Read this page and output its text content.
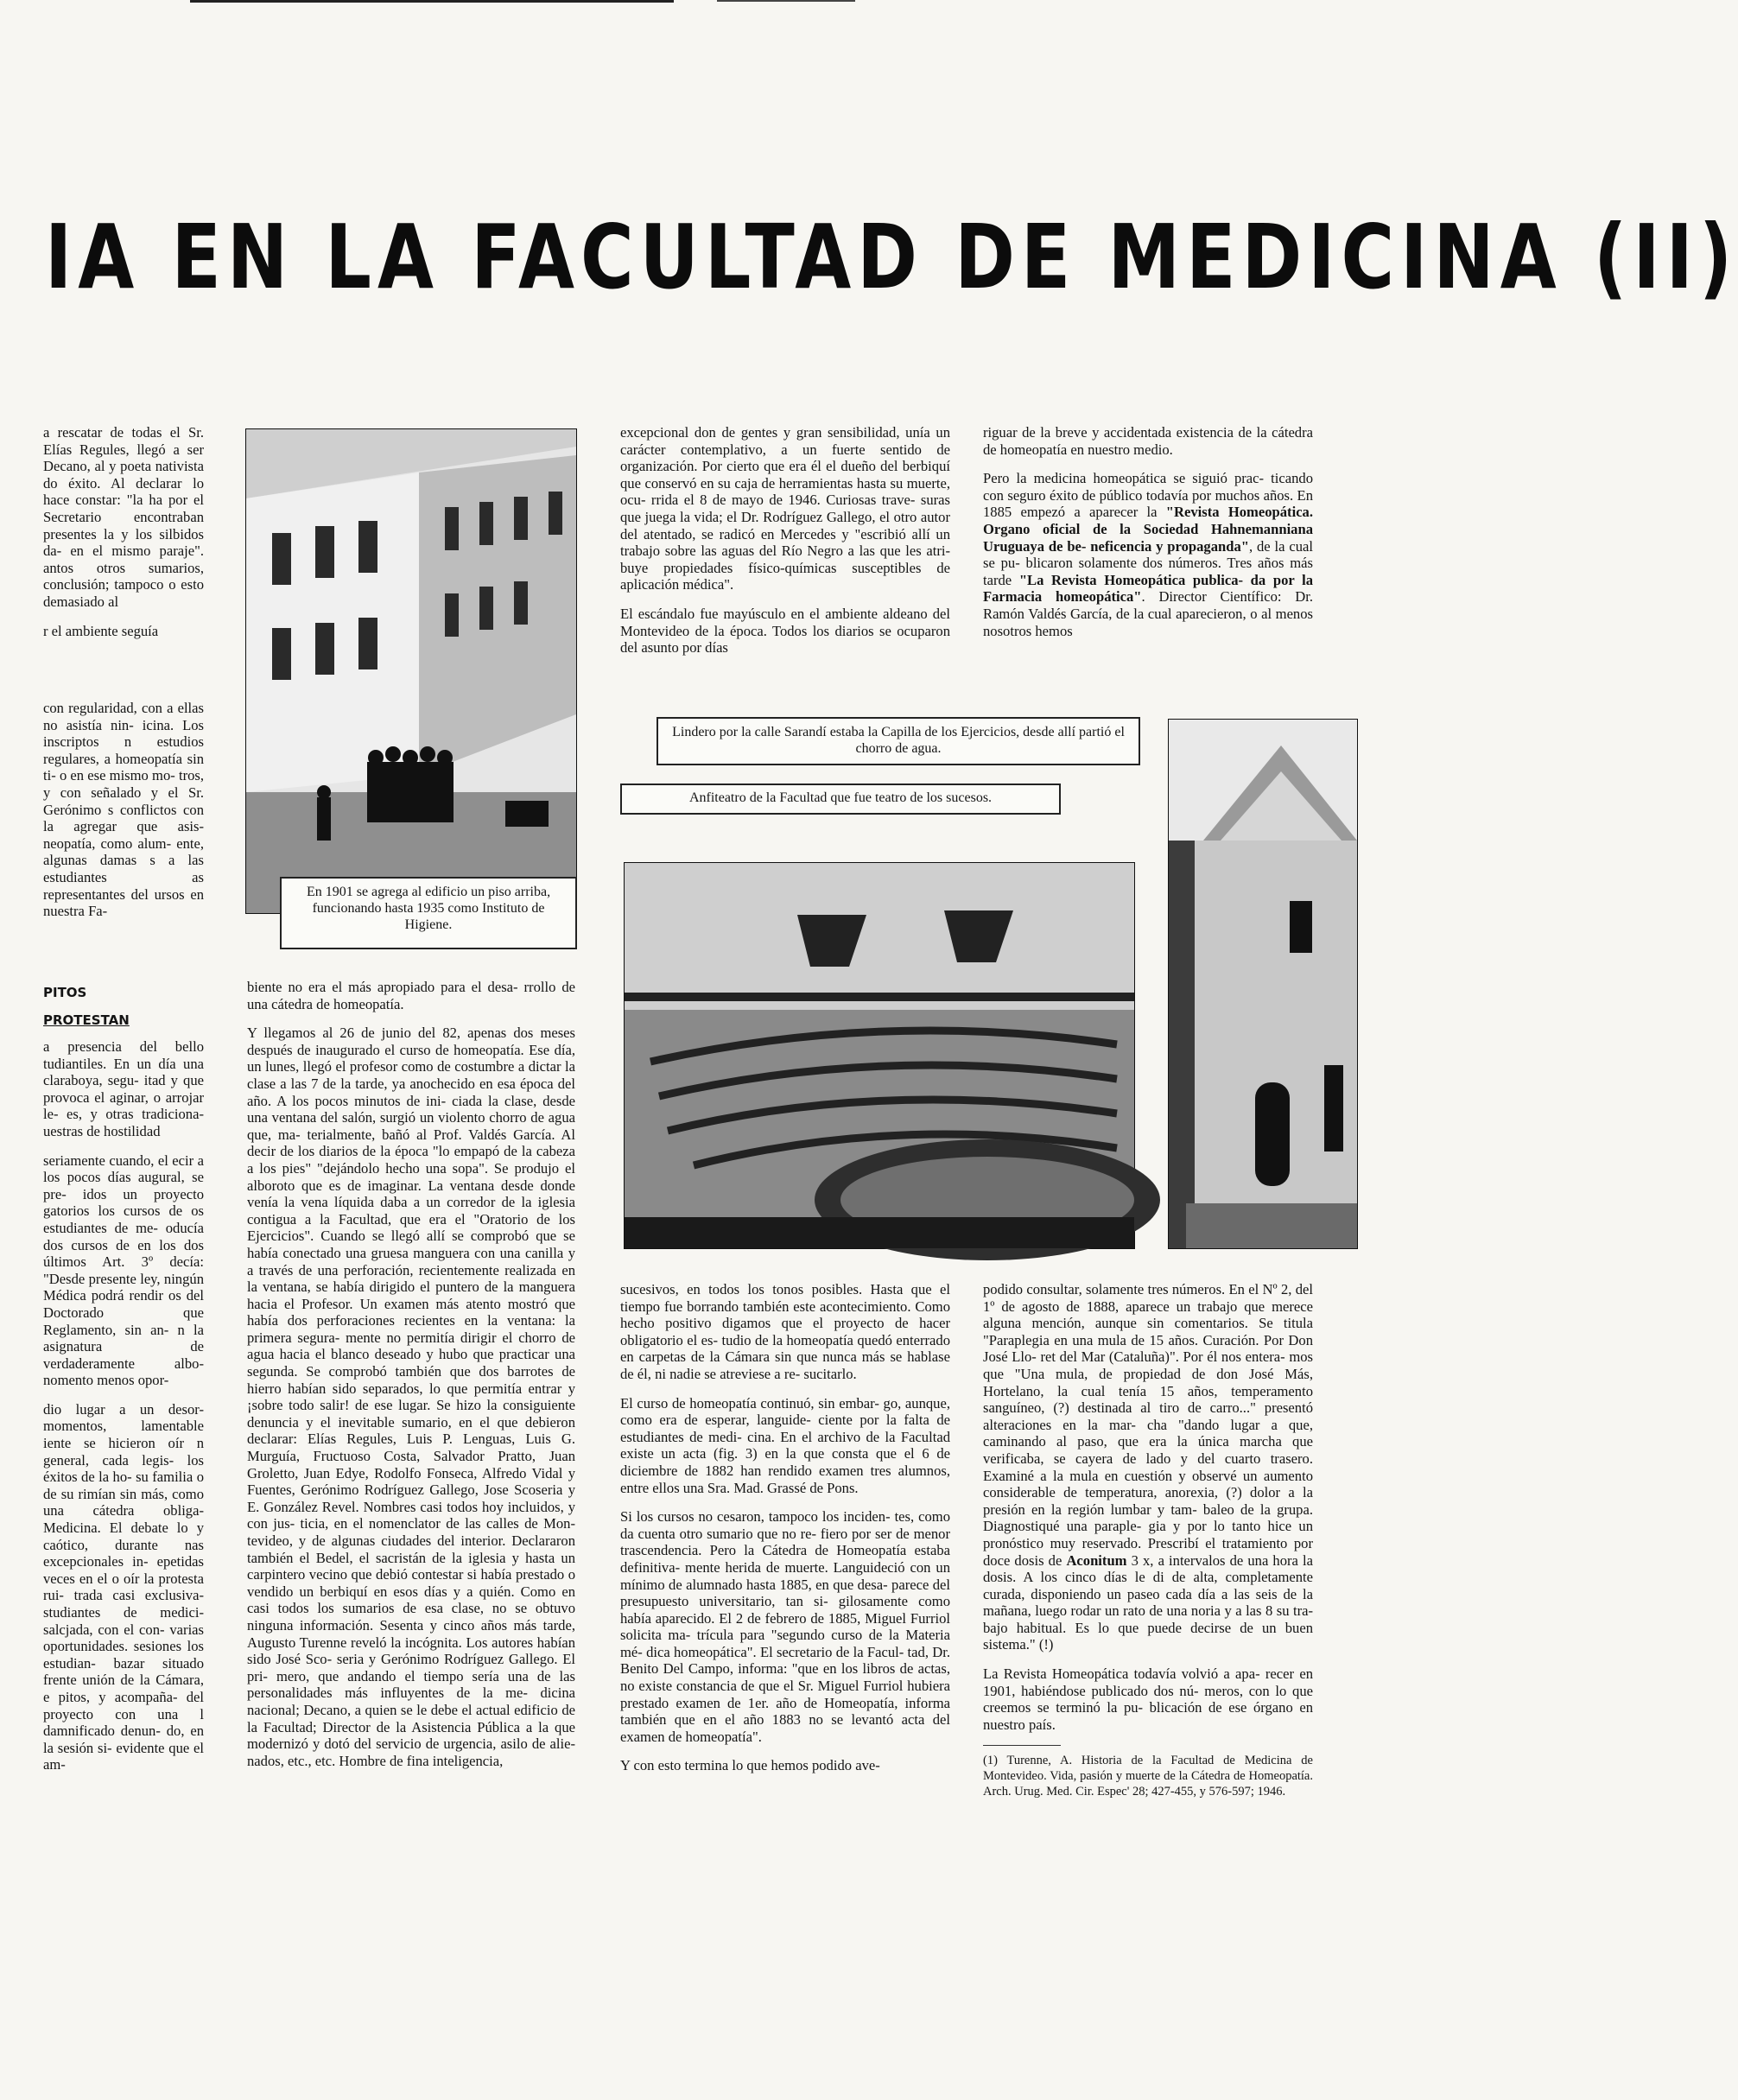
IA EN LA FACULTAD DE MEDICINA (II)

a rescatar de todas el Sr. Elías Regules, llegó a ser Decano, al y poeta nativista do éxito. Al declarar lo hace constar: "la ha por el Secretario encontraban presentes la y los silbidos da- en el mismo paraje". antos otros sumarios, conclusión; tampoco o esto demasiado al

r el ambiente seguía

con regularidad, con a ellas no asistía nin- icina. Los inscriptos n estudios regulares, a homeopatía sin ti- o en ese mismo mo- tros, y con señalado y el Sr. Gerónimo s conflictos con la agregar que asis- neopatía, como alum- ente, algunas damas s a las estudiantes as representantes del ursos en nuestra Fa-

PITOS

PROTESTAN

a presencia del bello tudiantiles. En un día una claraboya, segu- itad y que provoca el aginar, o arrojar le- es, y otras tradiciona- uestras de hostilidad

seriamente cuando, el ecir a los pocos días augural, se pre- idos un proyecto gatorios los cursos de os estudiantes de me- oducía dos cursos de en los dos últimos Art. 3º decía: "Desde presente ley, ningún Médica podrá rendir os del Doctorado que Reglamento, sin an- n la asignatura de verdaderamente albo- nomento menos opor-

dio lugar a un desor- momentos, lamentable iente se hicieron oír n general, cada legis- los éxitos de la ho- su familia o de su rimían sin más, como una cátedra obliga- Medicina. El debate lo y caótico, durante nas excepcionales in- epetidas veces en el o oír la protesta rui- trada casi exclusiva- studiantes de medici- salcjada, con el con- varias oportunidades. sesiones los estudian- bazar situado frente unión de la Cámara, e pitos, y acompaña- del proyecto con una l damnificado denun- do, en la sesión si- evidente que el am-

En 1901 se agrega al edificio un piso arriba, funcionando hasta 1935 como Instituto de Higiene.

biente no era el más apropiado para el desa- rrollo de una cátedra de homeopatía.

Y llegamos al 26 de junio del 82, apenas dos meses después de inaugurado el curso de homeopatía. Ese día, un lunes, llegó el profesor como de costumbre a dictar la clase a las 7 de la tarde, ya anochecido en esa época del año. A los pocos minutos de ini- ciada la clase, desde una ventana del salón, surgió un violento chorro de agua que, ma- terialmente, bañó al Prof. Valdés García. Al decir de los diarios de la época "lo empapó de la cabeza a los pies" "dejándolo hecho una sopa". Se produjo el alboroto que es de imaginar. La ventana desde donde venía la vena líquida daba a un corredor de la iglesia contigua a la Facultad, que era el "Oratorio de los Ejercicios". Cuando se llegó allí se comprobó que se había conectado una gruesa manguera con una canilla y a través de una perforación, recientemente realizada en la ventana, se había dirigido el puntero de la manguera hacia el Profesor. Un examen más atento mostró que había dos perforaciones recientes en la ventana: la primera segura- mente no permitía dirigir el chorro de agua hacia el blanco deseado y hubo que practicar una segunda. Se comprobó también que dos barrotes de hierro habían sido separados, lo que permitía entrar y ¡sobre todo salir! de ese lugar. Se hizo la consiguiente denuncia y el inevitable sumario, en el que debieron declarar: Elías Regules, Luis P. Lenguas, Luis G. Murguía, Fructuoso Costa, Salvador Pratto, Juan Groletto, Juan Edye, Rodolfo Fonseca, Alfredo Vidal y Fuentes, Gerónimo Rodríguez Gallego, Jose Scoseria y E. González Revel. Nombres casi todos hoy incluidos, y con jus- ticia, en el nomenclator de las calles de Mon- tevideo, y de algunas ciudades del interior. Declararon también el Bedel, el sacristán de la iglesia y hasta un carpintero vecino que debió contestar si había prestado o vendido un berbiquí en esos días y a quién. Como en casi todos los sumarios de esa clase, no se obtuvo ninguna información. Sesenta y cinco años más tarde, Augusto Turenne reveló la incógnita. Los autores habían sido José Sco- seria y Gerónimo Rodríguez Gallego. El pri- mero, que andando el tiempo sería una de las personalidades más influyentes de la me- dicina nacional; Decano, a quien se le debe el actual edificio de la Facultad; Director de la Asistencia Pública a la que modernizó y dotó del servicio de urgencia, asilo de alie- nados, etc., etc. Hombre de fina inteligencia,

excepcional don de gentes y gran sensibilidad, unía un carácter contemplativo, a un fuerte sentido de organización. Por cierto que era él el dueño del berbiquí que conservó en su caja de herramientas hasta su muerte, ocu- rrida el 8 de mayo de 1946. Curiosas trave- suras que juega la vida; el Dr. Rodríguez Gallego, el otro autor del atentado, se radicó en Mercedes y "escribió allí un trabajo sobre las aguas del Río Negro a las que les atri- buye propiedades físico-químicas susceptibles de aplicación médica".

El escándalo fue mayúsculo en el ambiente aldeano del Montevideo de la época. Todos los diarios se ocuparon del asunto por días

riguar de la breve y accidentada existencia de la cátedra de homeopatía en nuestro medio.

Pero la medicina homeopática se siguió prac- ticando con seguro éxito de público todavía por muchos años. En 1885 empezó a aparecer la "Revista Homeopática. Organo oficial de la Sociedad Hahnemanniana Uruguaya de be- neficencia y propaganda", de la cual se pu- blicaron solamente dos números. Tres años más tarde "La Revista Homeopática publica- da por la Farmacia homeopática". Director Científico: Dr. Ramón Valdés García, de la cual aparecieron, o al menos nosotros hemos

Lindero por la calle Sarandí estaba la Capilla de los Ejercicios, desde allí partió el chorro de agua.
Anfiteatro de la Facultad que fue teatro de los sucesos.

sucesivos, en todos los tonos posibles. Hasta que el tiempo fue borrando también este acontecimiento. Como hecho positivo digamos que el proyecto de hacer obligatorio el es- tudio de la homeopatía quedó enterrado en carpetas de la Cámara sin que nunca más se hablase de él, ni nadie se atreviese a re- sucitarlo.

El curso de homeopatía continuó, sin embar- go, aunque, como era de esperar, languide- ciente por la falta de estudiantes de medi- cina. En el archivo de la Facultad existe un acta (fig. 3) en la que consta que el 6 de diciembre de 1882 han rendido examen tres alumnos, entre ellos una Sra. Mad. Grassé de Pons.

Si los cursos no cesaron, tampoco los inciden- tes, como da cuenta otro sumario que no re- fiero por ser de menor trascendencia. Pero la Cátedra de Homeopatía estaba definitiva- mente herida de muerte. Languideció con un mínimo de alumnado hasta 1885, en que desa- parece del presupuesto universitario, tan si- gilosamente como había aparecido. El 2 de febrero de 1885, Miguel Furriol solicita ma- trícula para "segundo curso de la Materia mé- dica homeopática". El secretario de la Facul- tad, Dr. Benito Del Campo, informa: "que en los libros de actas, no existe constancia de que el Sr. Miguel Furriol hubiera prestado examen de 1er. año de Homeopatía, informa también que en el año 1883 no se levantó acta del examen de homeopatía".

Y con esto termina lo que hemos podido ave-

podido consultar, solamente tres números. En el Nº 2, del 1º de agosto de 1888, aparece un trabajo que merece alguna mención, aunque sin comentarios. Se titula "Paraplegia en una mula de 15 años. Curación. Por Don José Llo- ret del Mar (Cataluña)". Por él nos entera- mos que "Una mula, de propiedad de don José Más, Hortelano, la cual tenía 15 años, temperamento sanguíneo, (?) destinada al tiro de carro..." presentó alteraciones en la mar- cha "dando lugar a que, caminando al paso, que era la única marcha que verificaba, se cayera de lado y del cuarto trasero. Examiné a la mula en cuestión y observé un aumento considerable de temperatura, anorexia, (?) dolor a la presión en la región lumbar y tam- baleo de la grupa. Diagnostiqué una paraple- gia y por lo tanto hice un pronóstico muy reservado. Prescribí el tratamiento por doce dosis de Aconitum 3 x, a intervalos de una hora la dosis. A los cinco días le di de alta, completamente curada, disponiendo un paseo cada día a las seis de la mañana, luego rodar un rato de una noria y a las 8 su tra- bajo habitual. Es lo que puede decirse de un buen sistema." (!)

La Revista Homeopática todavía volvió a apa- recer en 1901, habiéndose publicado dos nú- meros, con lo que creemos se terminó la pu- blicación de ese órgano en nuestro país.

(1) Turenne, A. Historia de la Facultad de Medicina de Montevideo. Vida, pasión y muerte de la Cátedra de Homeopatía. Arch. Urug. Med. Cir. Espec' 28; 427-455, y 576-597; 1946.
